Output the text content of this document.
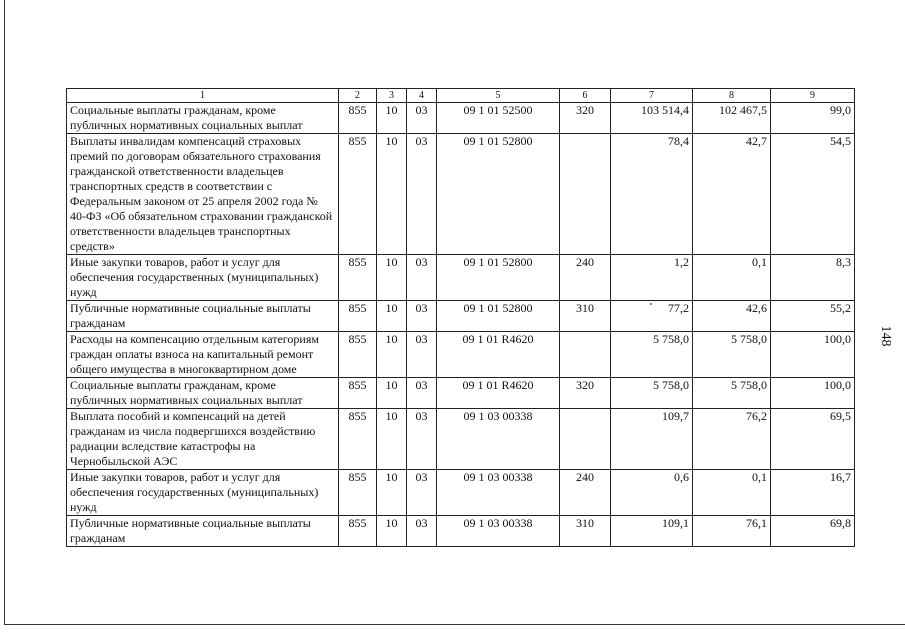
148
1	2	3	4	5	6	7	8	9
Социальные выплаты гражданам, кроме публичных нормативных социальных выплат	855	10	03	09 1 01 52500	320	103 514,4	102 467,5	99,0
Выплаты инвалидам компенсаций страховых премий по договорам обязательного страхования гражданской ответственности владельцев транспортных средств в соответствии с Федеральным законом от 25 апреля 2002 года № 40-ФЗ «Об обязательном страховании гражданской ответственности владельцев транспортных средств»	855	10	03	09 1 01 52800		78,4	42,7	54,5
Иные закупки товаров, работ и услуг для обеспечения государственных (муниципальных) нужд	855	10	03	09 1 01 52800	240	1,2	0,1	8,3
Публичные нормативные социальные выплаты гражданам	855	10	03	09 1 01 52800	310	77,2	42,6	55,2
Расходы на компенсацию отдельным категориям граждан оплаты взноса на капитальный ремонт общего имущества в многоквартирном доме	855	10	03	09 1 01 R4620		5 758,0	5 758,0	100,0
Социальные выплаты гражданам, кроме публичных нормативных социальных выплат	855	10	03	09 1 01 R4620	320	5 758,0	5 758,0	100,0
Выплата пособий и компенсаций на детей гражданам из числа подвергшихся воздействию радиации вследствие катастрофы на Чернобыльской АЭС	855	10	03	09 1 03 00338		109,7	76,2	69,5
Иные закупки товаров, работ и услуг для обеспечения государственных (муниципальных) нужд	855	10	03	09 1 03 00338	240	0,6	0,1	16,7
Публичные нормативные социальные выплаты гражданам	855	10	03	09 1 03 00338	310	109,1	76,1	69,8
